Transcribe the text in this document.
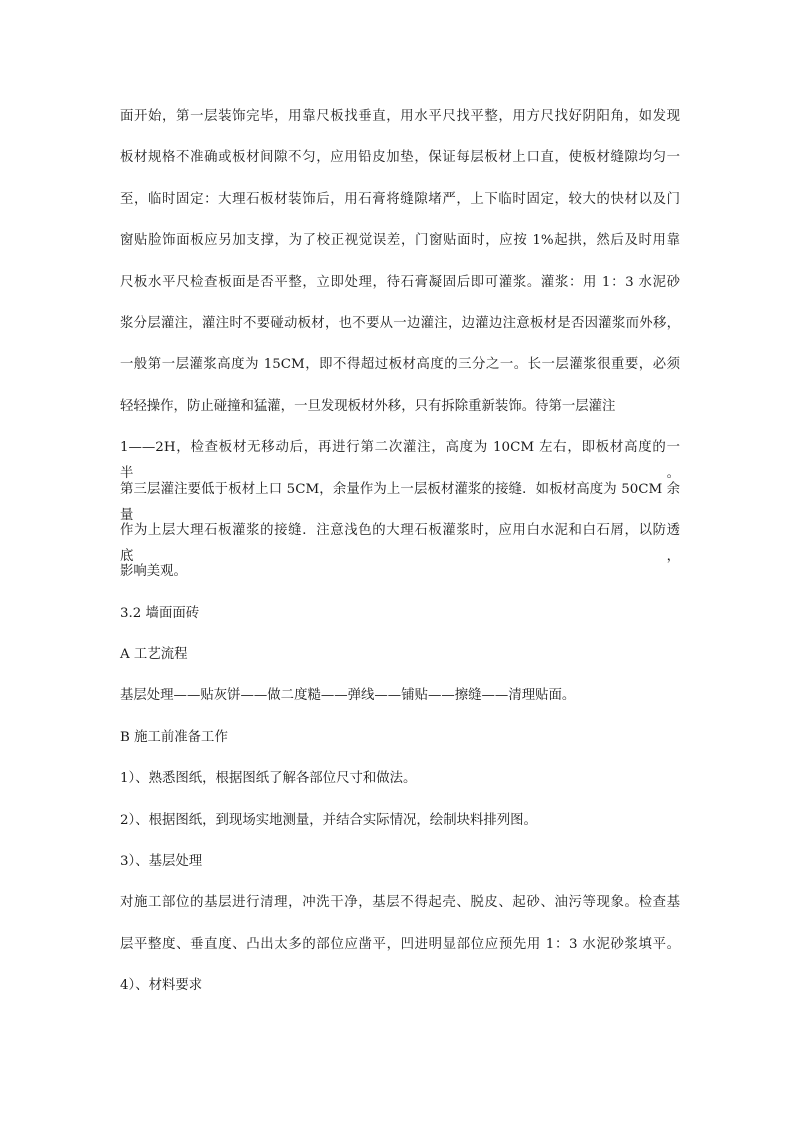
面开始，第一层装饰完毕，用靠尺板找垂直，用水平尺找平整，用方尺找好阴阳角，如发现
板材规格不准确或板材间隙不匀，应用铅皮加垫，保证每层板材上口直，使板材缝隙均匀一
至，临时固定：大理石板材装饰后，用石膏将缝隙堵严，上下临时固定，较大的快材以及门
窗贴脸饰面板应另加支撑，为了校正视觉误差，门窗贴面时，应按 1%起拱，然后及时用靠
尺板水平尺检查板面是否平整，立即处理，待石膏凝固后即可灌浆。灌浆：用 1：3 水泥砂
浆分层灌注，灌注时不要碰动板材，也不要从一边灌注，边灌边注意板材是否因灌浆而外移，
一般第一层灌浆高度为 15CM，即不得超过板材高度的三分之一。长一层灌浆很重要，必须
轻轻操作，防止碰撞和猛灌，一旦发现板材外移，只有拆除重新装饰。待第一层灌注
1——2H，检查板材无移动后，再进行第二次灌注，高度为 10CM 左右，即板材高度的一半。
第三层灌注要低于板材上口 5CM，余量作为上一层板材灌浆的接缝．如板材高度为 50CM 余量
作为上层大理石板灌浆的接缝．注意浅色的大理石板灌浆时，应用白水泥和白石屑，以防透底，
影响美观。
3.2 墙面面砖
A 工艺流程
基层处理——贴灰饼——做二度糙——弹线——铺贴——擦缝——清理贴面。
B 施工前准备工作
1）、熟悉图纸，根据图纸了解各部位尺寸和做法。
2）、根据图纸，到现场实地测量，并结合实际情况，绘制块料排列图。
3）、基层处理
对施工部位的基层进行清理，冲洗干净，基层不得起壳、脱皮、起砂、油污等现象。检查基
层平整度、垂直度、凸出太多的部位应凿平，凹进明显部位应预先用 1：3 水泥砂浆填平。
4）、材料要求
